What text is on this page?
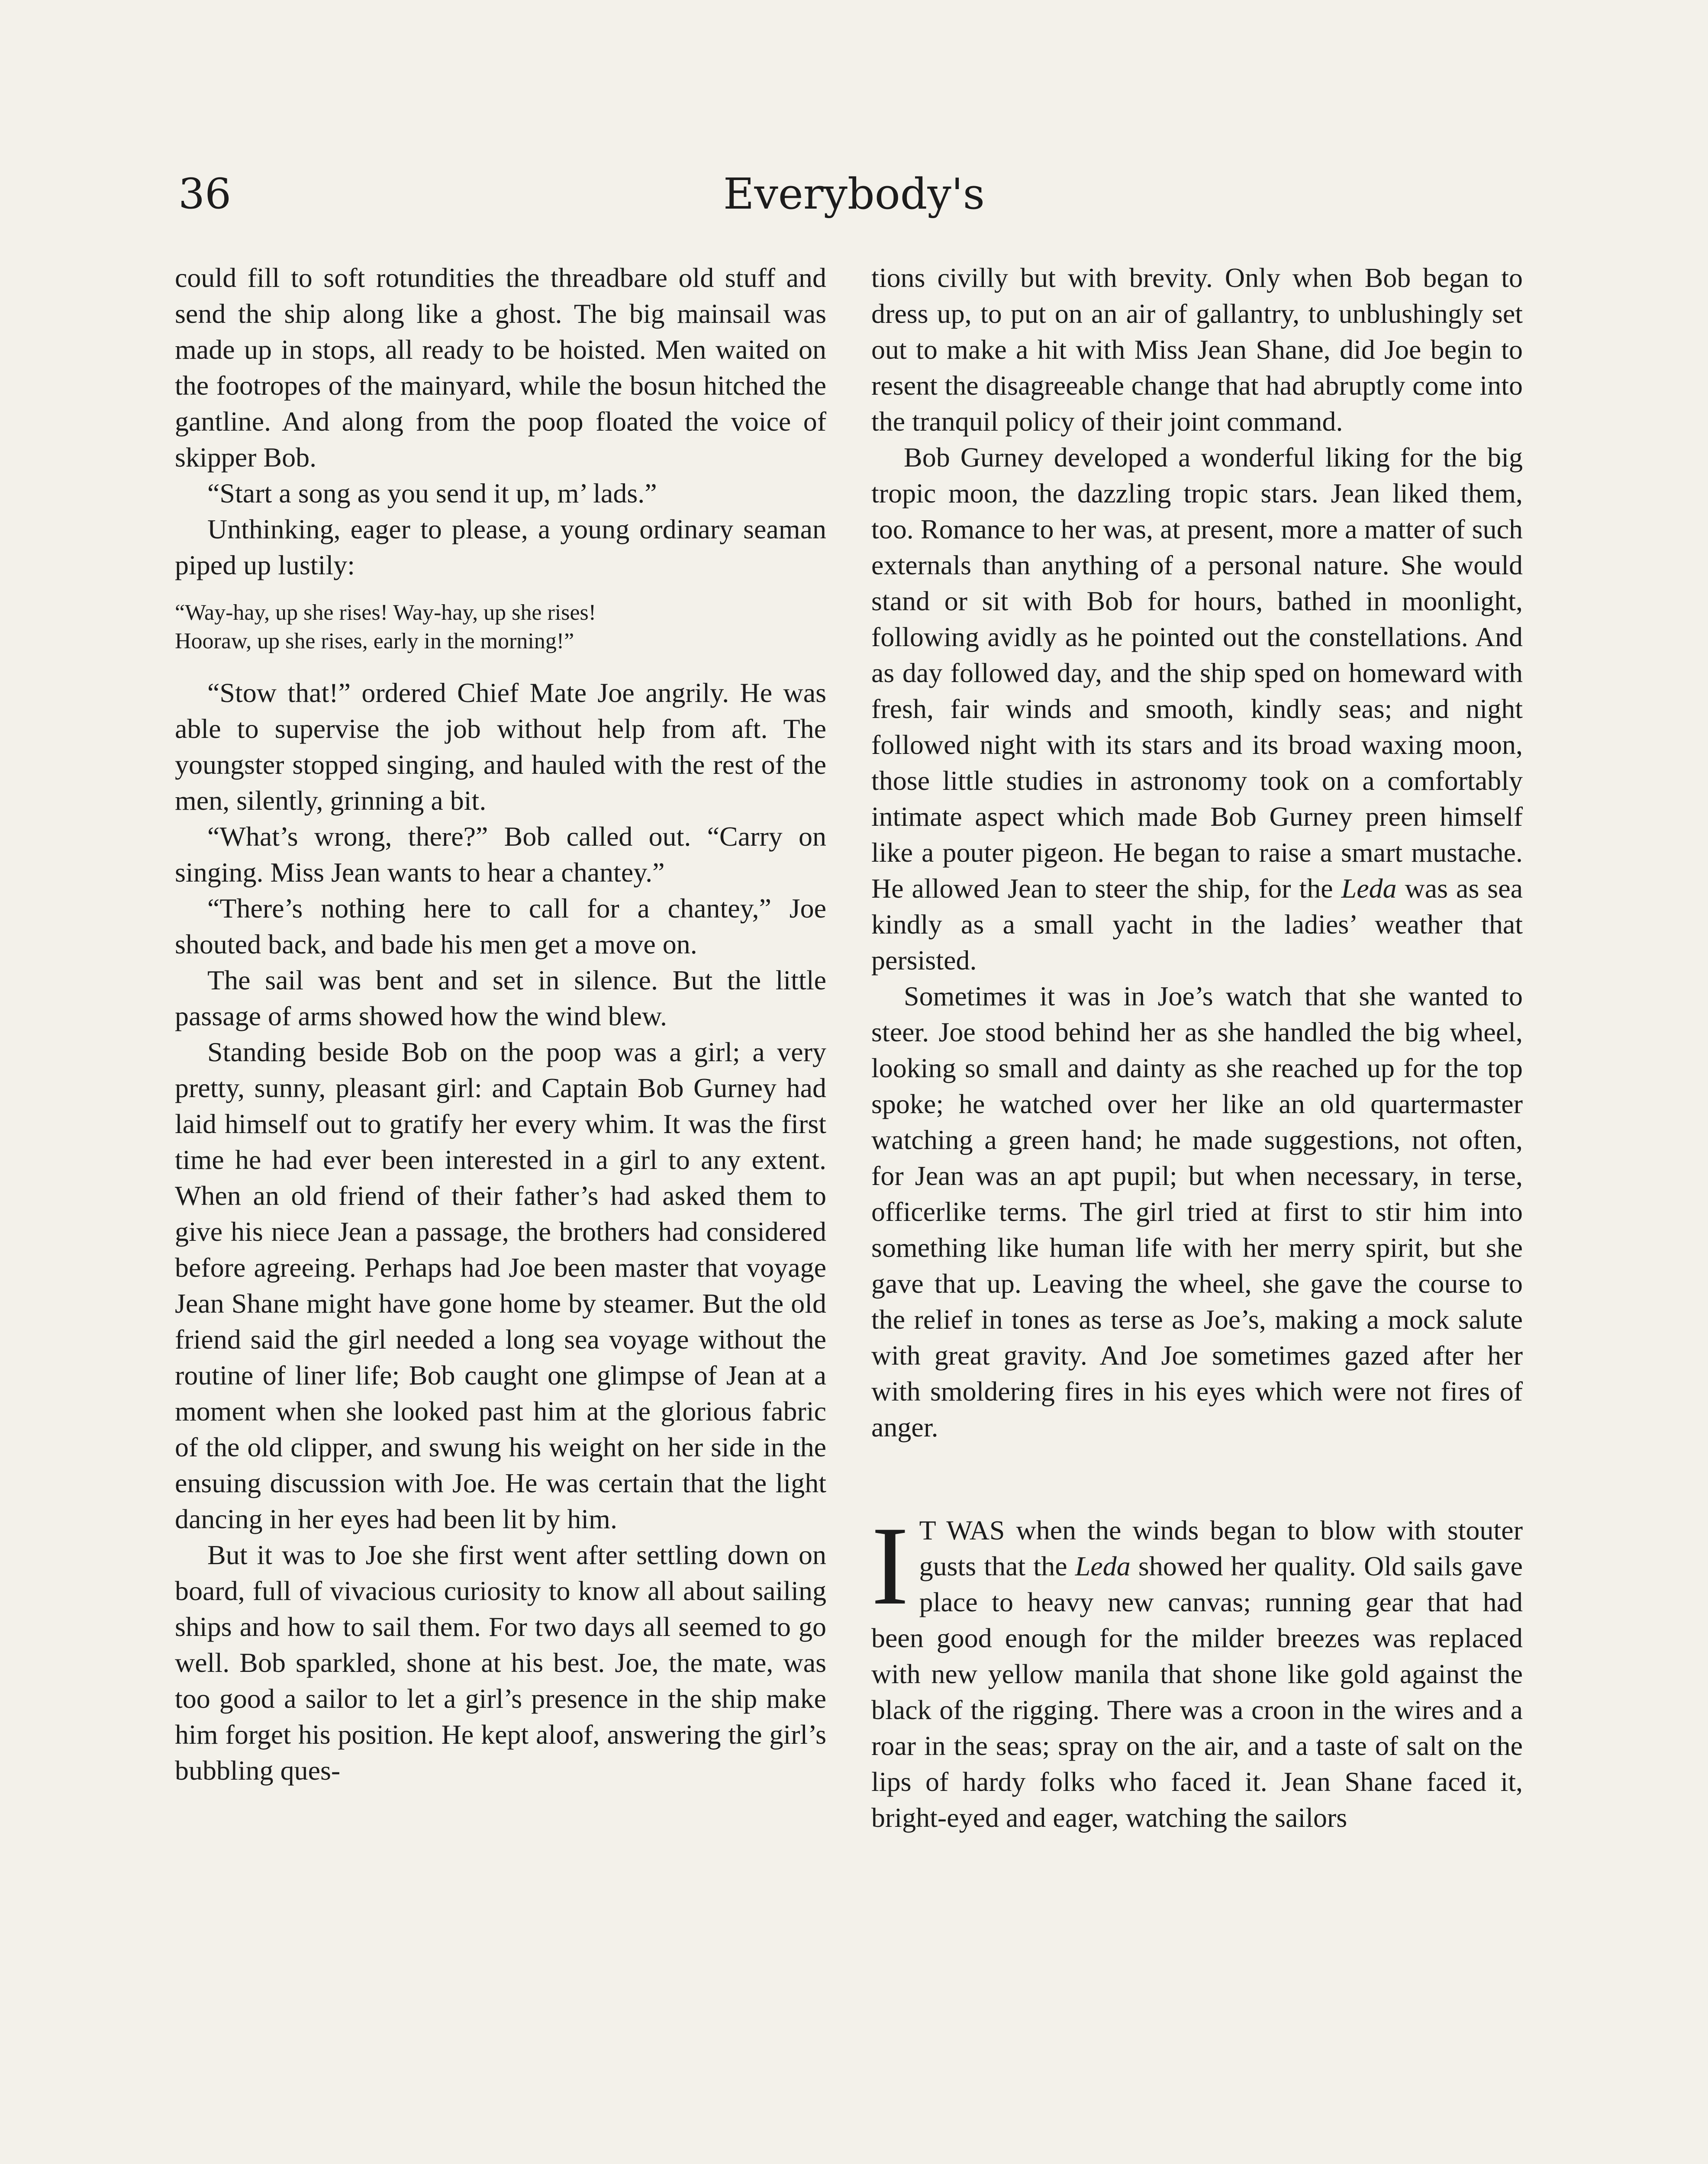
36	Everybody's

could fill to soft rotundities the threadbare old stuff and send the ship along like a ghost. The big mainsail was made up in stops, all ready to be hoisted. Men waited on the footropes of the mainyard, while the bosun hitched the gantline. And along from the poop floated the voice of skipper Bob.

“Start a song as you send it up, m’ lads.”

Unthinking, eager to please, a young ordinary seaman piped up lustily:

“Way-hay, up she rises! Way-hay, up she rises!
Hooraw, up she rises, early in the morning!”

“Stow that!” ordered Chief Mate Joe angrily. He was able to supervise the job without help from aft. The youngster stopped singing, and hauled with the rest of the men, silently, grinning a bit.

“What’s wrong, there?” Bob called out. “Carry on singing. Miss Jean wants to hear a chantey.”

“There’s nothing here to call for a chantey,” Joe shouted back, and bade his men get a move on.

The sail was bent and set in silence. But the little passage of arms showed how the wind blew.

Standing beside Bob on the poop was a girl; a very pretty, sunny, pleasant girl: and Captain Bob Gurney had laid himself out to gratify her every whim. It was the first time he had ever been interested in a girl to any extent. When an old friend of their father’s had asked them to give his niece Jean a passage, the brothers had considered before agreeing. Perhaps had Joe been master that voyage Jean Shane might have gone home by steamer. But the old friend said the girl needed a long sea voyage without the routine of liner life; Bob caught one glimpse of Jean at a moment when she looked past him at the glorious fabric of the old clipper, and swung his weight on her side in the ensuing discussion with Joe. He was certain that the light dancing in her eyes had been lit by him.

But it was to Joe she first went after settling down on board, full of vivacious curiosity to know all about sailing ships and how to sail them. For two days all seemed to go well. Bob sparkled, shone at his best. Joe, the mate, was too good a sailor to let a girl’s presence in the ship make him forget his position. He kept aloof, answering the girl’s bubbling ques-

tions civilly but with brevity. Only when Bob began to dress up, to put on an air of gallantry, to unblushingly set out to make a hit with Miss Jean Shane, did Joe begin to resent the disagreeable change that had abruptly come into the tranquil policy of their joint command.

Bob Gurney developed a wonderful liking for the big tropic moon, the dazzling tropic stars. Jean liked them, too. Romance to her was, at present, more a matter of such externals than anything of a personal nature. She would stand or sit with Bob for hours, bathed in moonlight, following avidly as he pointed out the constellations. And as day followed day, and the ship sped on homeward with fresh, fair winds and smooth, kindly seas; and night followed night with its stars and its broad waxing moon, those little studies in astronomy took on a comfortably intimate aspect which made Bob Gurney preen himself like a pouter pigeon. He began to raise a smart mustache. He allowed Jean to steer the ship, for the Leda was as sea kindly as a small yacht in the ladies’ weather that persisted.

Sometimes it was in Joe’s watch that she wanted to steer. Joe stood behind her as she handled the big wheel, looking so small and dainty as she reached up for the top spoke; he watched over her like an old quartermaster watching a green hand; he made suggestions, not often, for Jean was an apt pupil; but when necessary, in terse, officerlike terms. The girl tried at first to stir him into something like human life with her merry spirit, but she gave that up. Leaving the wheel, she gave the course to the relief in tones as terse as Joe’s, making a mock salute with great gravity. And Joe sometimes gazed after her with smoldering fires in his eyes which were not fires of anger.

I T WAS when the winds began to blow with stouter gusts that the Leda showed her quality. Old sails gave place to heavy new canvas; running gear that had been good enough for the milder breezes was replaced with new yellow manila that shone like gold against the black of the rigging. There was a croon in the wires and a roar in the seas; spray on the air, and a taste of salt on the lips of hardy folks who faced it. Jean Shane faced it, bright-eyed and eager, watching the sailors
